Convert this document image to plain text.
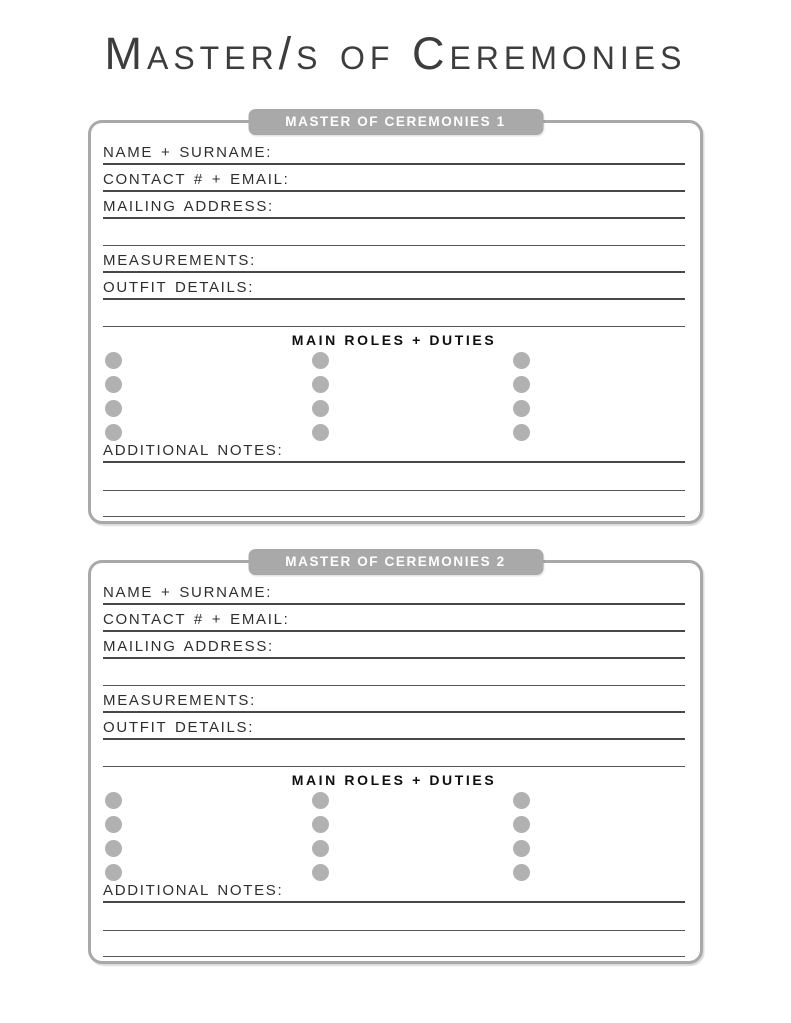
Master/s of Ceremonies
MASTER OF CEREMONIES 1
NAME + SURNAME:
CONTACT # + EMAIL:
MAILING ADDRESS:
MEASUREMENTS:
OUTFIT DETAILS:
MAIN ROLES + DUTIES
ADDITIONAL NOTES:
MASTER OF CEREMONIES 2
NAME + SURNAME:
CONTACT # + EMAIL:
MAILING ADDRESS:
MEASUREMENTS:
OUTFIT DETAILS:
MAIN ROLES + DUTIES
ADDITIONAL NOTES:
